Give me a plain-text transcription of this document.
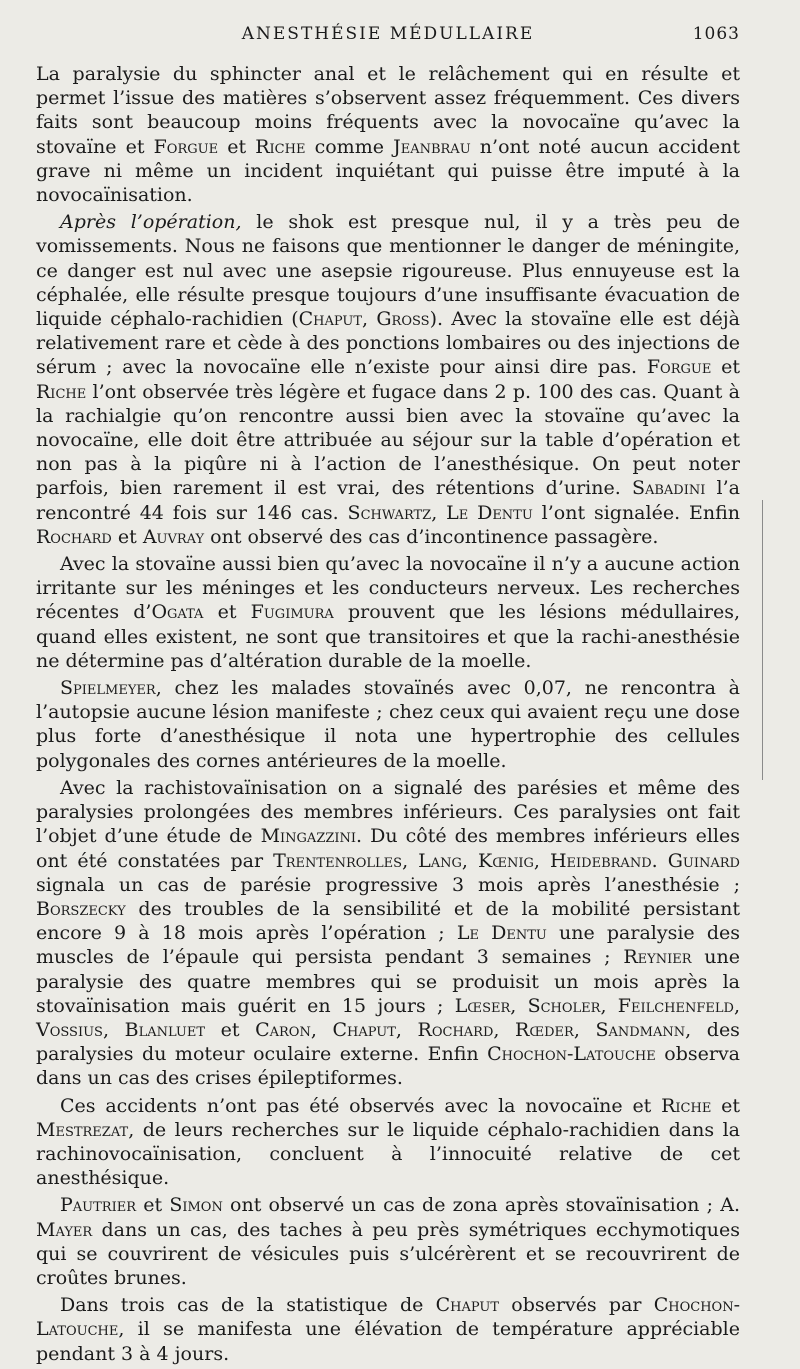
ANESTHÉSIE MÉDULLAIRE	1063

La paralysie du sphincter anal et le relâchement qui en résulte et permet l’issue des matières s’observent assez fréquemment. Ces divers faits sont beaucoup moins fréquents avec la novocaïne qu’avec la stovaïne et Forgue et Riche comme Jeanbrau n’ont noté aucun accident grave ni même un incident inquiétant qui puisse être imputé à la novocaïnisation.

Après l’opération, le shok est presque nul, il y a très peu de vomissements. Nous ne faisons que mentionner le danger de méningite, ce danger est nul avec une asepsie rigoureuse. Plus ennuyeuse est la céphalée, elle résulte presque toujours d’une insuffisante évacuation de liquide céphalo-rachidien (Chaput, Gross). Avec la stovaïne elle est déjà relativement rare et cède à des ponctions lombaires ou des injections de sérum ; avec la novocaïne elle n’existe pour ainsi dire pas. Forgue et Riche l’ont observée très légère et fugace dans 2 p. 100 des cas. Quant à la rachialgie qu’on rencontre aussi bien avec la stovaïne qu’avec la novocaïne, elle doit être attribuée au séjour sur la table d’opération et non pas à la piqûre ni à l’action de l’anesthésique. On peut noter parfois, bien rarement il est vrai, des rétentions d’urine. Sabadini l’a rencontré 44 fois sur 146 cas. Schwartz, Le Dentu l’ont signalée. Enfin Rochard et Auvray ont observé des cas d’incontinence passagère.

Avec la stovaïne aussi bien qu’avec la novocaïne il n’y a aucune action irritante sur les méninges et les conducteurs nerveux. Les recherches récentes d’Ogata et Fugimura prouvent que les lésions médullaires, quand elles existent, ne sont que transitoires et que la rachi-anesthésie ne détermine pas d’altération durable de la moelle.

Spielmeyer, chez les malades stovaïnés avec 0,07, ne rencontra à l’autopsie aucune lésion manifeste ; chez ceux qui avaient reçu une dose plus forte d’anesthésique il nota une hypertrophie des cellules polygonales des cornes antérieures de la moelle.

Avec la rachistovaïnisation on a signalé des parésies et même des paralysies prolongées des membres inférieurs. Ces paralysies ont fait l’objet d’une étude de Mingazzini. Du côté des membres inférieurs elles ont été constatées par Trentenrolles, Lang, Kœnig, Heidebrand. Guinard signala un cas de parésie progressive 3 mois après l’anesthésie ; Borszecky des troubles de la sensibilité et de la mobilité persistant encore 9 à 18 mois après l’opération ; Le Dentu une paralysie des muscles de l’épaule qui persista pendant 3 semaines ; Reynier une paralysie des quatre membres qui se produisit un mois après la stovaïnisation mais guérit en 15 jours ; Lœser, Scholer, Feilchenfeld, Vossius, Blanluet et Caron, Chaput, Rochard, Rœder, Sandmann, des paralysies du moteur oculaire externe. Enfin Chochon-Latouche observa dans un cas des crises épileptiformes.

Ces accidents n’ont pas été observés avec la novocaïne et Riche et Mestrezat, de leurs recherches sur le liquide céphalo-rachidien dans la rachinovocaïnisation, concluent à l’innocuité relative de cet anesthésique.

Pautrier et Simon ont observé un cas de zona après stovaïnisation ; A. Mayer dans un cas, des taches à peu près symétriques ecchymotiques qui se couvrirent de vésicules puis s’ulcérèrent et se recouvrirent de croûtes brunes.

Dans trois cas de la statistique de Chaput observés par Chochon-Latouche, il se manifesta une élévation de température appréciable pendant 3 à 4 jours.
